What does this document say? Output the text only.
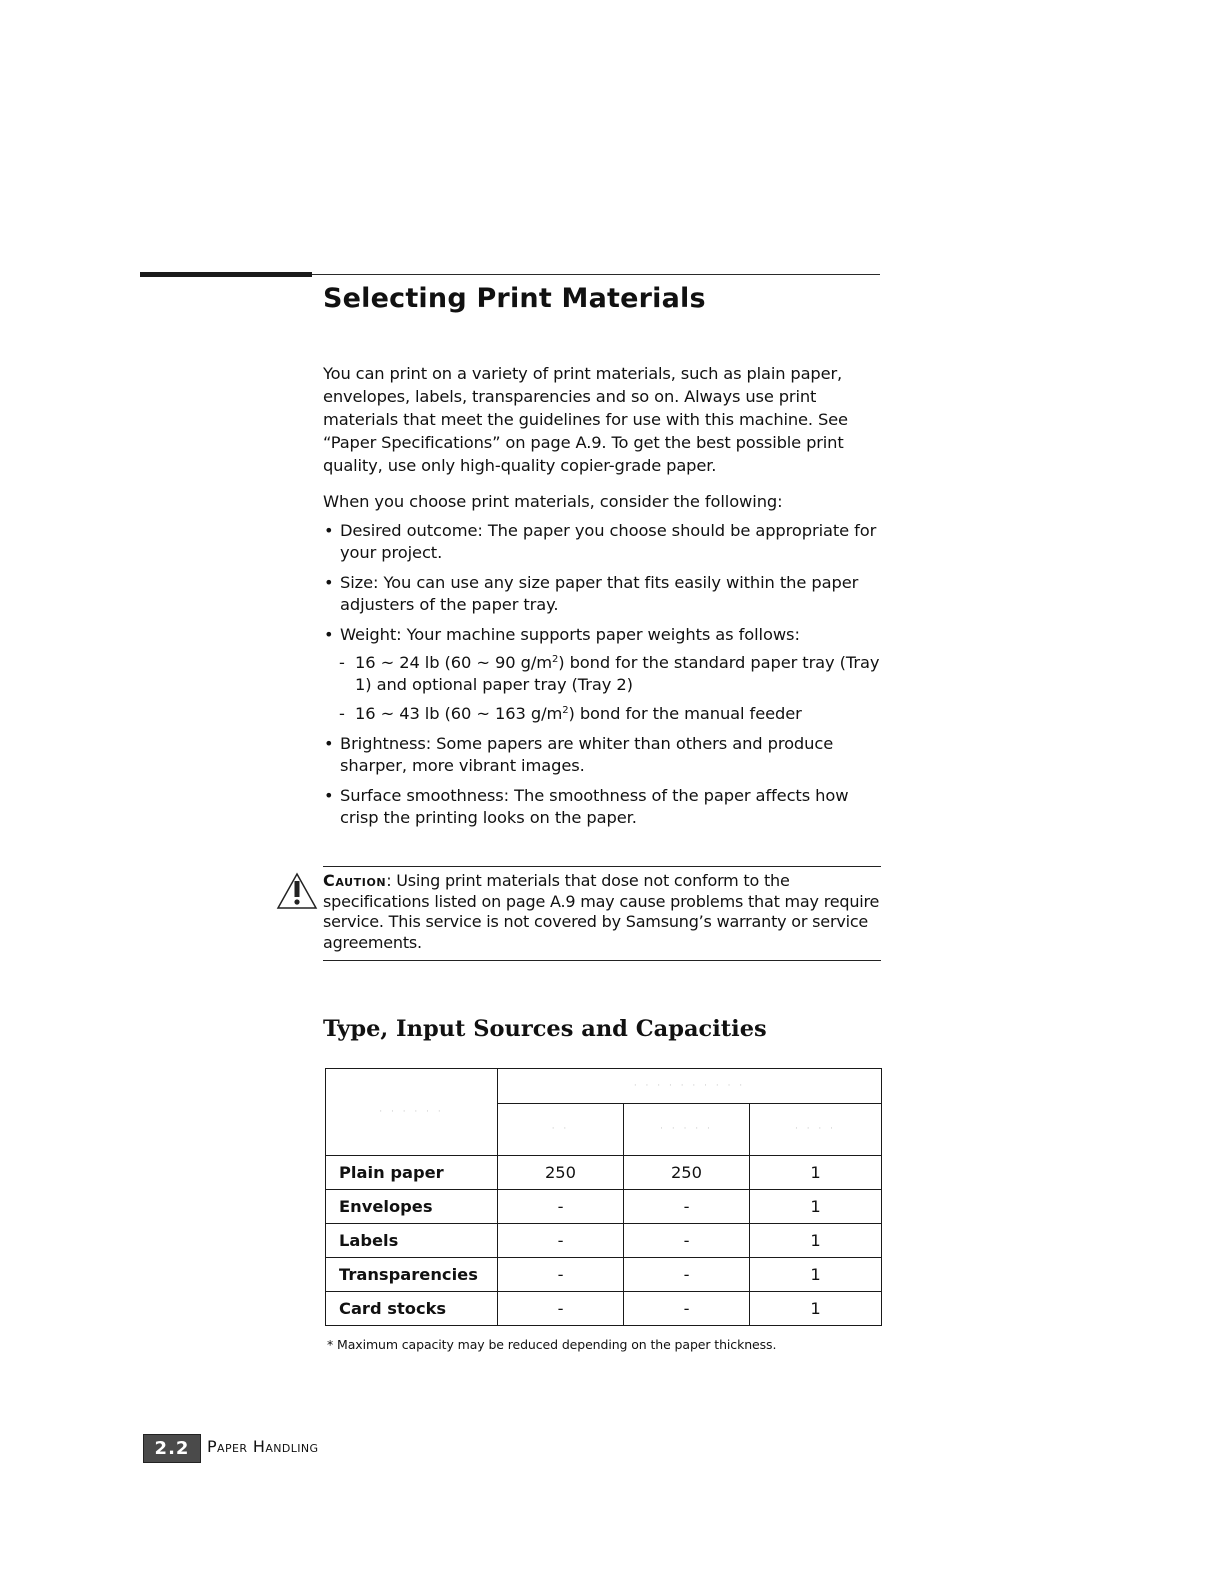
Selecting Print Materials

You can print on a variety of print materials, such as plain paper, envelopes, labels, transparencies and so on. Always use print materials that meet the guidelines for use with this machine. See “Paper Specifications” on page A.9. To get the best possible print quality, use only high-quality copier-grade paper.

When you choose print materials, consider the following:

• Desired outcome: The paper you choose should be appropriate for your project.
• Size: You can use any size paper that fits easily within the paper adjusters of the paper tray.
• Weight: Your machine supports paper weights as follows:
- 16 ~ 24 lb (60 ~ 90 $g/m^2$) bond for the standard paper tray (Tray 1) and optional paper tray (Tray 2)
- 16 ~ 43 lb (60 ~ 163 $g/m^2$) bond for the manual feeder
• Brightness: Some papers are whiter than others and produce sharper, more vibrant images.
• Surface smoothness: The smoothness of the paper affects how crisp the printing looks on the paper.

Caution: Using print materials that dose not conform to the specifications listed on page A.9 may cause problems that may require service. This service is not covered by Samsung’s warranty or service agreements.

Type, Input Sources and Capacities
· · · · · ·	· · · · · · · · · ·		
	· ·	· · · · ·	· · · ·
Plain paper	250	250	1
Envelopes	-	-	1
Labels	-	-	1
Transparencies	-	-	1
Card stocks	-	-	1

* Maximum capacity may be reduced depending on the paper thickness.

2.2	Paper Handling
